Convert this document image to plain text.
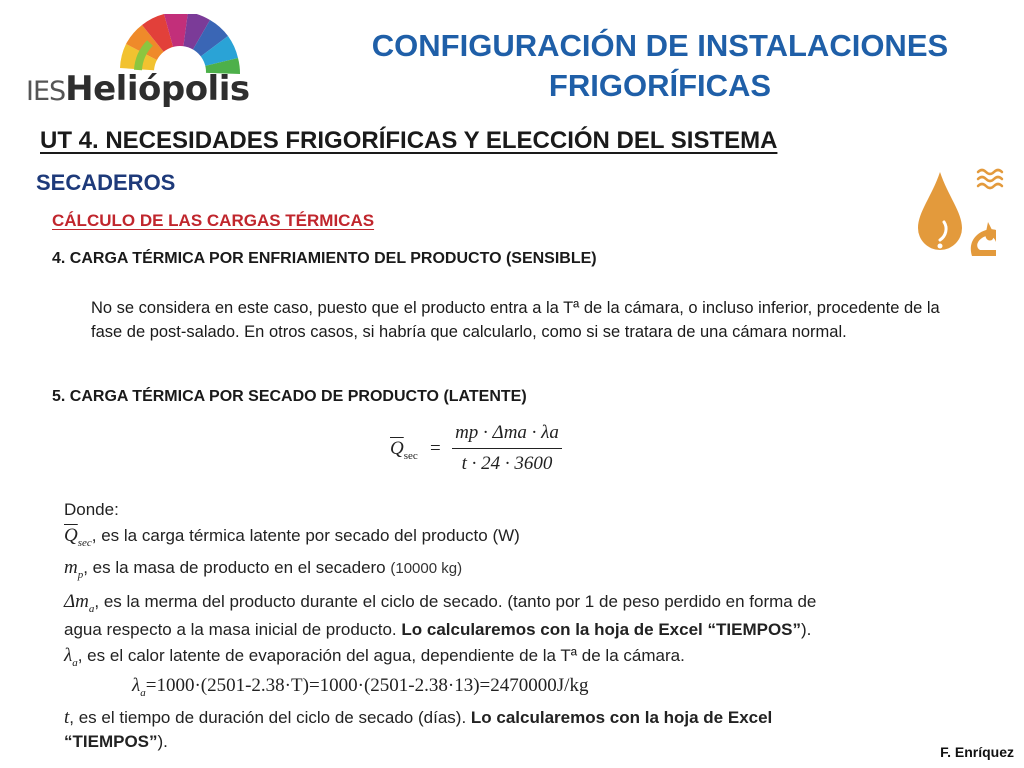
IESHeliópolis
CONFIGURACIÓN DE INSTALACIONES
FRIGORÍFICAS
UT 4. NECESIDADES FRIGORÍFICAS Y ELECCIÓN DEL SISTEMA
SECADEROS
CÁLCULO DE LAS CARGAS TÉRMICAS
4. CARGA TÉRMICA POR ENFRIAMIENTO DEL PRODUCTO (SENSIBLE)
No se considera en este caso, puesto que el producto entra a la Tª de la cámara, o incluso inferior, procedente de la fase de post-salado. En otros casos, si habría que calcularlo, como si se tratara de una cámara normal.
5. CARGA TÉRMICA POR SECADO DE PRODUCTO (LATENTE)
$\overline{Q}_{sec}$ =
mp · Δma · λa
t · 24 · 3600
Donde:
$\overline{Q}_{sec}$, es la carga térmica latente por secado del producto (W)
$m_p$, es la masa de producto en el secadero (10000 kg)
$\Delta m_a$, es la merma del producto durante el ciclo de secado. (tanto por 1 de peso perdido en forma de
agua respecto a la masa inicial de producto. Lo calcularemos con la hoja de Excel “TIEMPOS”).
$\lambda_a$, es el calor latente de evaporación del agua, dependiente de la Tª de la cámara.
$\lambda_a=1000\cdot(2501-2.38\cdot T)=1000\cdot(2501-2.38\cdot 13)=2470000J/kg$
t, es el tiempo de duración del ciclo de secado (días). Lo calcularemos con la hoja de Excel
“TIEMPOS”).
F. Enríquez
